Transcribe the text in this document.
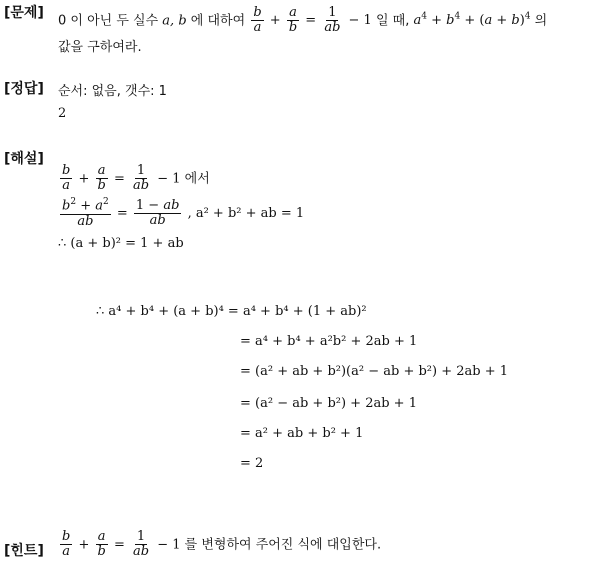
[문제] 0 이 아닌 두 실수 a, b 에 대하여 $\frac{b}{a} + \frac{a}{b} = \frac{1}{ab} - 1$ 일 때, $a^4 + b^4 + (a + b)^4$ 의
값을 구하여라.
[정답] 순서: 없음, 갯수: 1
2
[해설]
$\frac{b}{a} + \frac{a}{b} = \frac{1}{ab} - 1$ 에서
$\frac{b^2 + a^2}{ab} = \frac{1 - ab}{ab}$ , a² + b² + ab = 1
∴ (a + b)² = 1 + ab
∴ a⁴ + b⁴ + (a + b)⁴ = a⁴ + b⁴ + (1 + ab)²
= a⁴ + b⁴ + a²b² + 2ab + 1
= (a² + ab + b²)(a² − ab + b²) + 2ab + 1
= (a² − ab + b²) + 2ab + 1
= a² + ab + b² + 1
= 2
[힌트] $\frac{b}{a} + \frac{a}{b} = \frac{1}{ab} - 1$ 를 변형하여 주어진 식에 대입한다.
